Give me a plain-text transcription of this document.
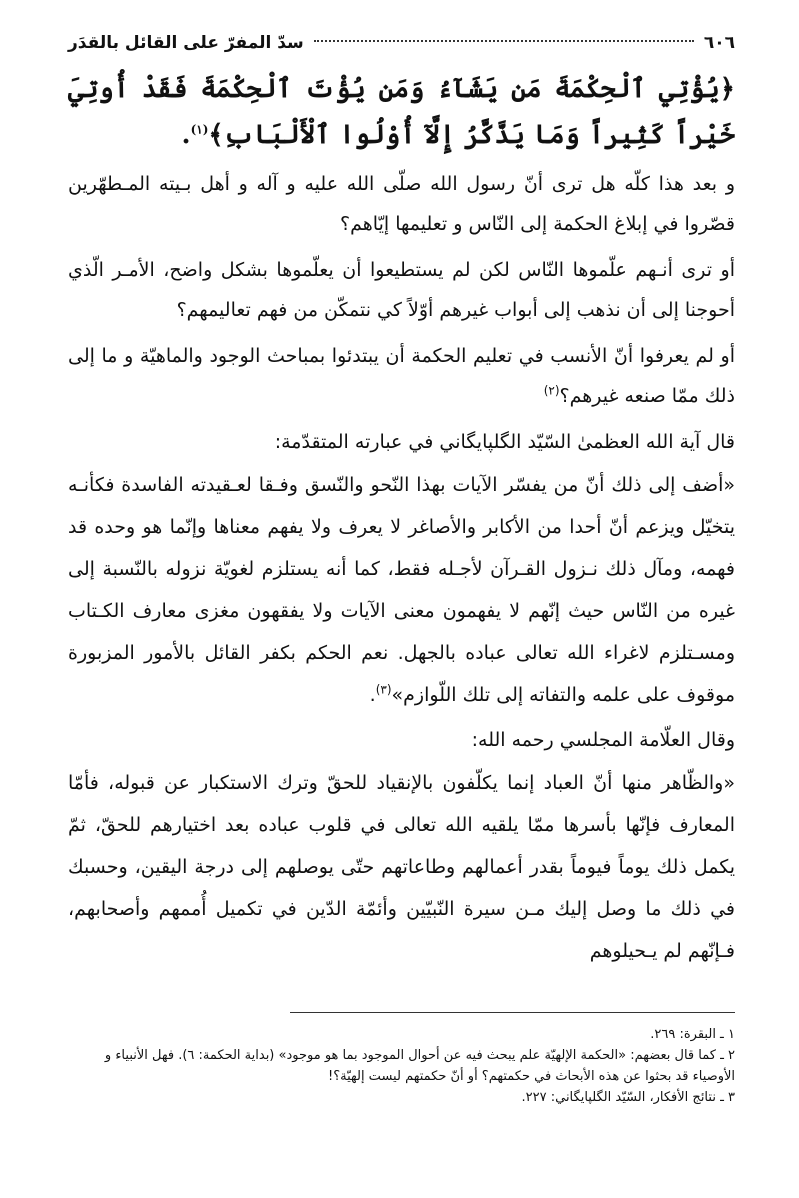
٦٠٦
سدّ المفرّ على القائل بالقدَر
﴿يُؤْتِي ٱلْحِكْمَةَ مَن يَشَآءُ وَمَن يُؤْتَ ٱلْحِكْمَةَ فَقَدْ أُوتِيَ خَيْراً كَثِيراً وَمَا يَذَّكَّرُ إِلَّآ أُوْلُوا ٱلْأَلْبَابِ﴾$^{(١)}$.
و بعد هذا كلّه هل ترى أنّ رسول الله صلّى الله عليه و آله و أهل بـيته المـطهّرين قصّروا في إبلاغ الحكمة إلى النّاس و تعليمها إيّاهم؟
أو ترى أنـهم علّموها النّاس لكن لم يستطيعوا أن يعلّموها بشكل واضح، الأمـر الّذي أحوجنا إلى أن نذهب إلى أبواب غيرهم أوّلاً كي نتمكّن من فهم تعاليمهم؟
أو لم يعرفوا أنّ الأنسب في تعليم الحكمة أن يبتدئوا بمباحث الوجود والماهيّة و ما إلى ذلك ممّا صنعه غيرهم؟$^{(٢)}$
قال آية الله العظمىٰ السّيّد الگلپايگاني في عبارته المتقدّمة:
«أضف إلى ذلك أنّ من يفسّر الآيات بهذا النّحو والنّسق وفـقا لعـقيدته الفاسدة فكأنـه يتخيّل ويزعم أنّ أحدا من الأكابر والأصاغر لا يعرف ولا يفهم معناها وإنّما هو وحده قد فهمه، ومآل ذلك نـزول القـرآن لأجـله فقط، كما أنه يستلزم لغويّة نزوله بالنّسبة إلى غيره من النّاس حيث إنّهم لا يفهمون معنى الآيات ولا يفقهون مغزى معارف الكـتاب ومسـتلزم لاغراء الله تعالى عباده بالجهل. نعم الحكم بكفر القائل بالأمور المزبورة موقوف على علمه والتفاته إلى تلك اللّوازم»$^{(٣)}$.
وقال العلّامة المجلسي رحمه الله:
«والظّاهر منها أنّ العباد إنما يكلّفون بالإنقياد للحقّ وترك الاستكبار عن قبوله، فأمّا المعارف فإنّها بأسرها ممّا يلقيه الله تعالى في قلوب عباده بعد اختيارهم للحقّ، ثمّ يكمل ذلك يوماً فيوماً بقدر أعمالهم وطاعاتهم حتّى يوصلهم إلى درجة اليقين، وحسبك في ذلك ما وصل إليك مـن سيرة النّبيّين وأئمّة الدّين في تكميل أُممهم وأصحابهم، فـإنّهم لم يـحيلوهم
١ ـ البقرة: ٢٦٩.
٢ ـ كما قال بعضهم: «الحكمة الإلهيّة علم يبحث فيه عن أحوال الموجود بما هو موجود» (بداية الحكمة: ٦). فهل الأنبياء و الأوصياء قد بحثوا عن هذه الأبحاث في حكمتهم؟ أو أنّ حكمتهم ليست إلهيّة؟!
٣ ـ نتائج الأفكار، السّيّد الگلپايگاني: ٢٢٧.
